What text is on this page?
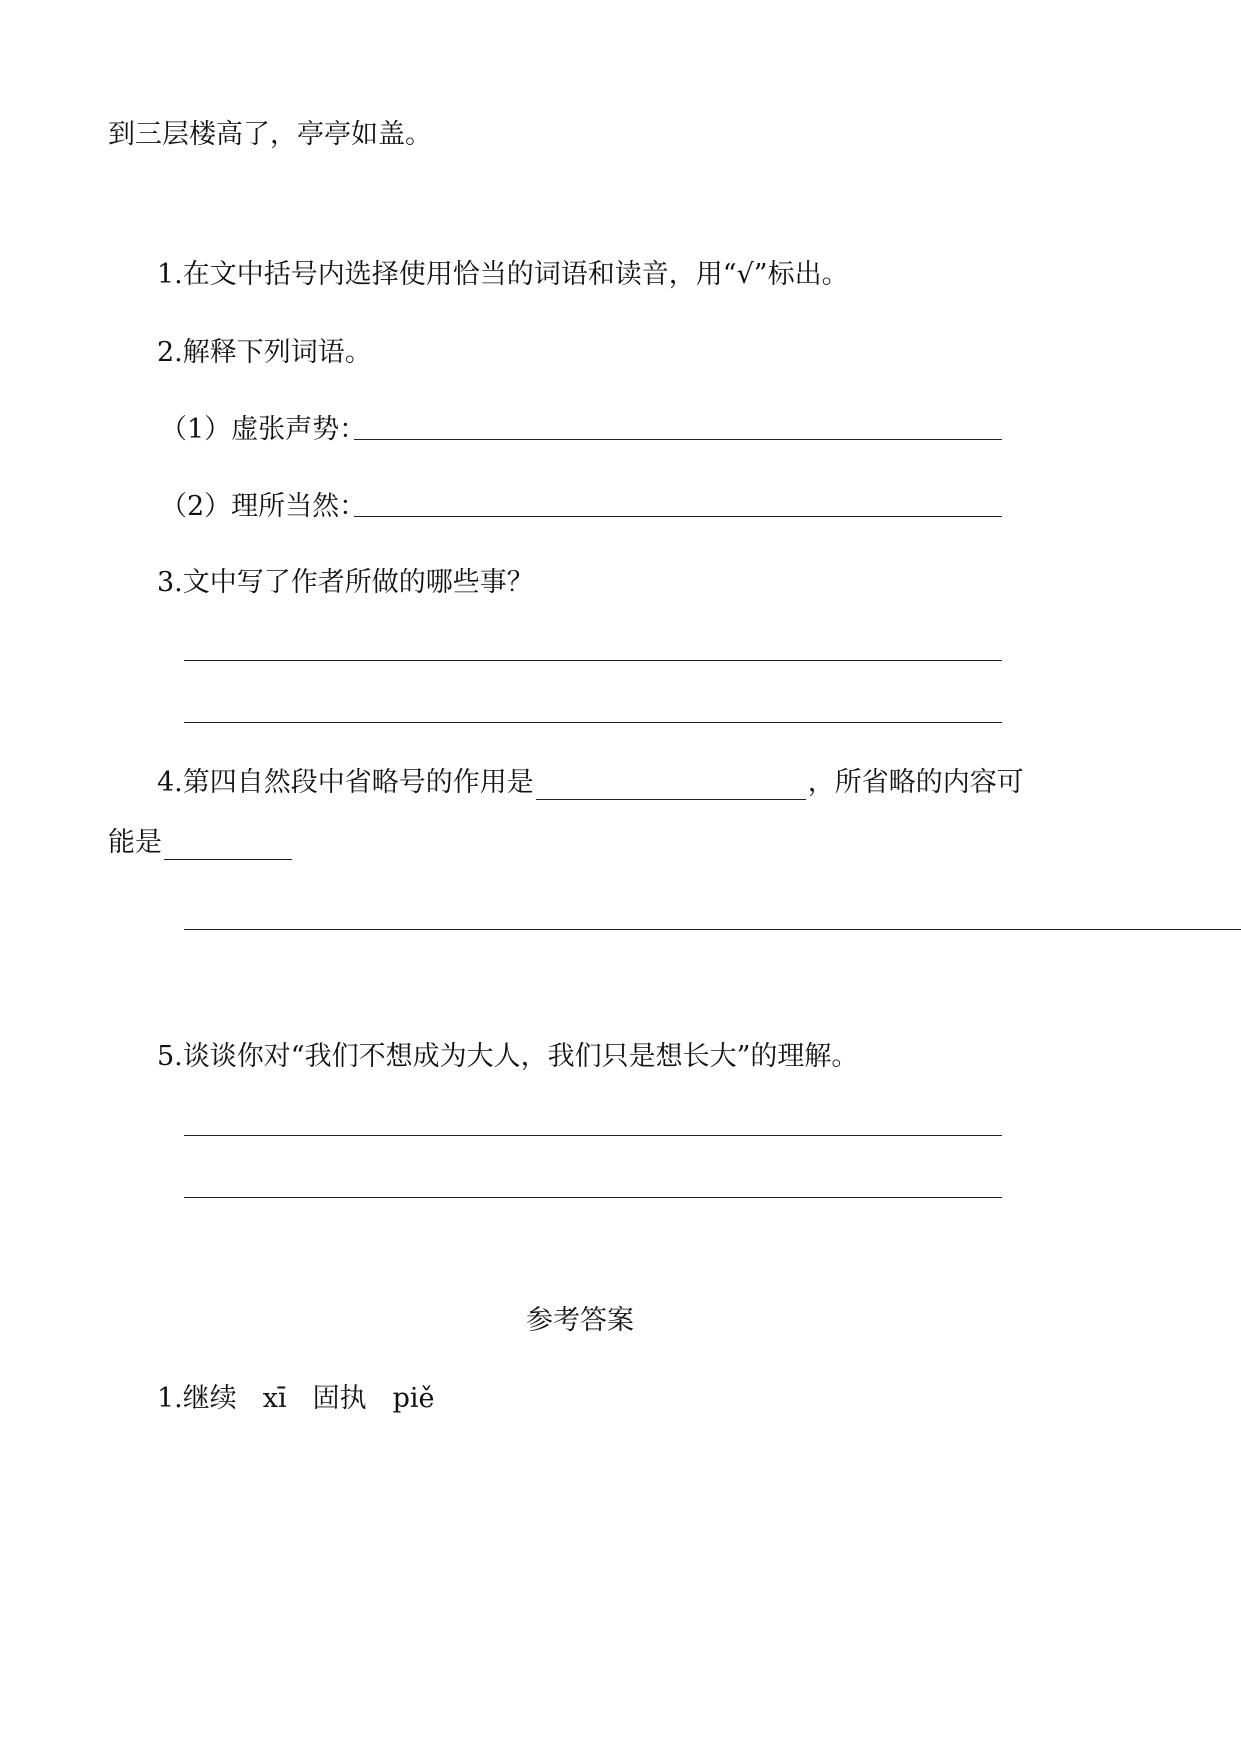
到三层楼高了，亭亭如盖。
1.在文中括号内选择使用恰当的词语和读音，用“√”标出。
2.解释下列词语。
（1）虚张声势：
（2）理所当然：
3.文中写了作者所做的哪些事？
4.第四自然段中省略号的作用是	，所省略的内容可
能是
5.谈谈你对“我们不想成为大人，我们只是想长大”的理解。
参考答案
1.继续 xī 固执 piě
